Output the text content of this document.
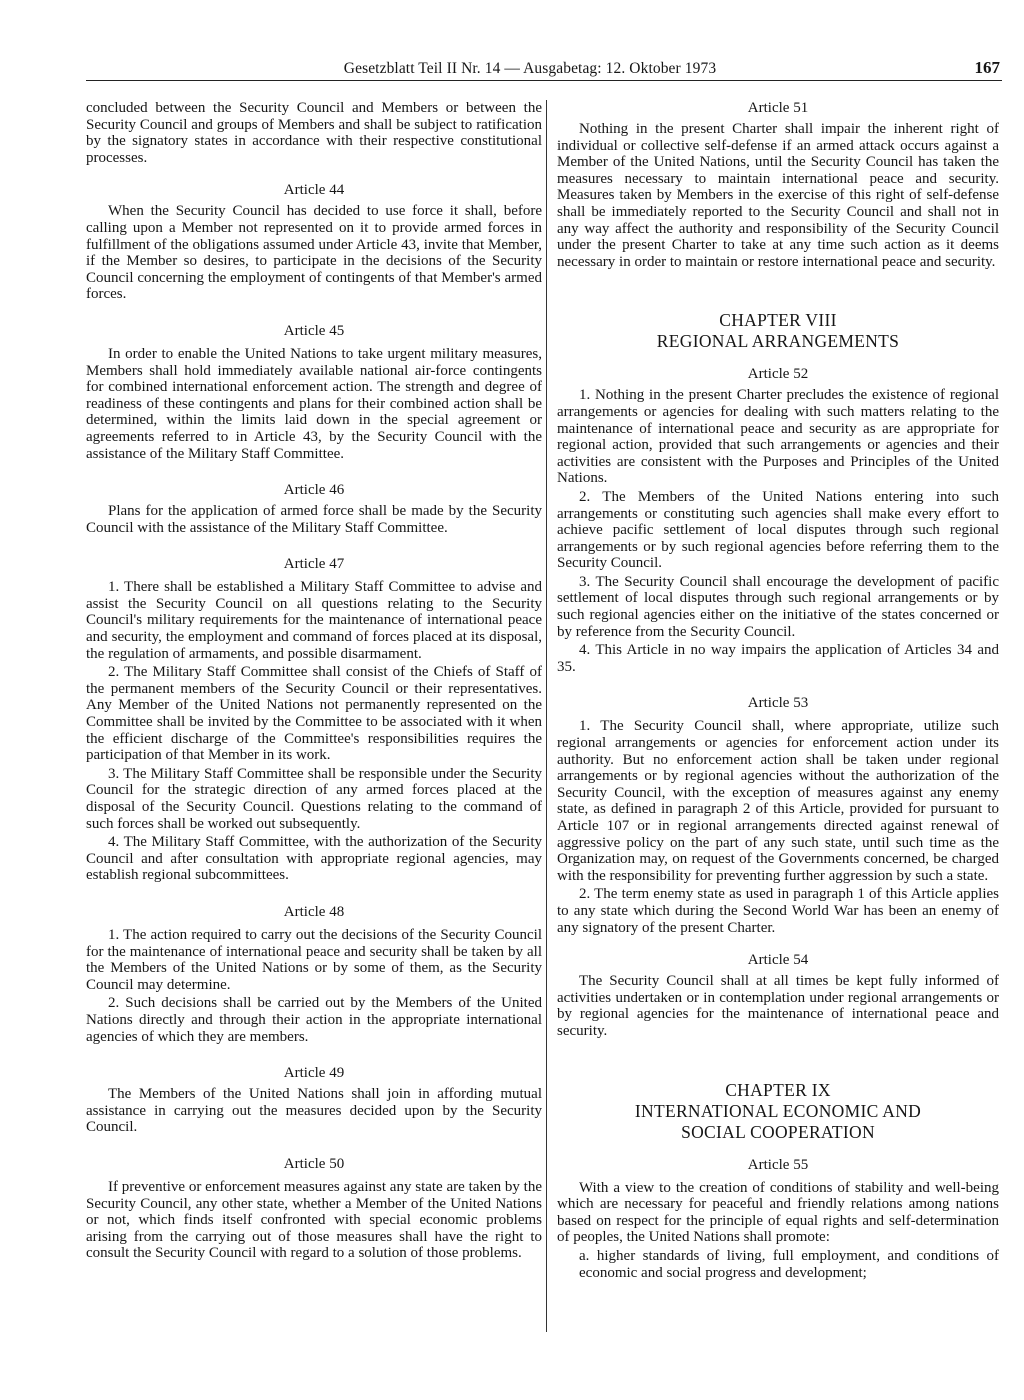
Gesetzblatt Teil II Nr. 14 — Ausgabetag: 12. Oktober 1973	167

concluded between the Security Council and Members or between the Security Council and groups of Members and shall be subject to ratification by the signatory states in accordance with their respective constitutional processes.

Article 44

When the Security Council has decided to use force it shall, before calling upon a Member not represented on it to provide armed forces in fulfillment of the obligations assumed under Article 43, invite that Member, if the Member so desires, to participate in the decisions of the Security Council concerning the employment of contingents of that Member's armed forces.

Article 45

In order to enable the United Nations to take urgent military measures, Members shall hold immediately available national air-force contingents for combined international enforcement action. The strength and degree of readiness of these contingents and plans for their combined action shall be determined, within the limits laid down in the special agreement or agreements referred to in Article 43, by the Security Council with the assistance of the Military Staff Committee.

Article 46

Plans for the application of armed force shall be made by the Security Council with the assistance of the Military Staff Committee.

Article 47

1. There shall be established a Military Staff Committee to advise and assist the Security Council on all questions relating to the Security Council's military requirements for the maintenance of international peace and security, the employment and command of forces placed at its disposal, the regulation of armaments, and possible disarmament.

2. The Military Staff Committee shall consist of the Chiefs of Staff of the permanent members of the Security Council or their representatives. Any Member of the United Nations not permanently represented on the Committee shall be invited by the Committee to be associated with it when the efficient discharge of the Committee's responsibilities requires the participation of that Member in its work.

3. The Military Staff Committee shall be responsible under the Security Council for the strategic direction of any armed forces placed at the disposal of the Security Council. Questions relating to the command of such forces shall be worked out subsequently.

4. The Military Staff Committee, with the authorization of the Security Council and after consultation with appropriate regional agencies, may establish regional subcommittees.

Article 48

1. The action required to carry out the decisions of the Security Council for the maintenance of international peace and security shall be taken by all the Members of the United Nations or by some of them, as the Security Council may determine.

2. Such decisions shall be carried out by the Members of the United Nations directly and through their action in the appropriate international agencies of which they are members.

Article 49

The Members of the United Nations shall join in affording mutual assistance in carrying out the measures decided upon by the Security Council.

Article 50

If preventive or enforcement measures against any state are taken by the Security Council, any other state, whether a Member of the United Nations or not, which finds itself confronted with special economic problems arising from the carrying out of those measures shall have the right to consult the Security Council with regard to a solution of those problems.

Article 51

Nothing in the present Charter shall impair the inherent right of individual or collective self-defense if an armed attack occurs against a Member of the United Nations, until the Security Council has taken the measures necessary to maintain international peace and security. Measures taken by Members in the exercise of this right of self-defense shall be immediately reported to the Security Council and shall not in any way affect the authority and responsibility of the Security Council under the present Charter to take at any time such action as it deems necessary in order to maintain or restore international peace and security.

CHAPTER VIII

REGIONAL ARRANGEMENTS

Article 52

1. Nothing in the present Charter precludes the existence of regional arrangements or agencies for dealing with such matters relating to the maintenance of international peace and security as are appropriate for regional action, provided that such arrangements or agencies and their activities are consistent with the Purposes and Principles of the United Nations.

2. The Members of the United Nations entering into such arrangements or constituting such agencies shall make every effort to achieve pacific settlement of local disputes through such regional arrangements or by such regional agencies before referring them to the Security Council.

3. The Security Council shall encourage the development of pacific settlement of local disputes through such regional arrangements or by such regional agencies either on the initiative of the states concerned or by reference from the Security Council.

4. This Article in no way impairs the application of Articles 34 and 35.

Article 53

1. The Security Council shall, where appropriate, utilize such regional arrangements or agencies for enforcement action under its authority. But no enforcement action shall be taken under regional arrangements or by regional agencies without the authorization of the Security Council, with the exception of measures against any enemy state, as defined in paragraph 2 of this Article, provided for pursuant to Article 107 or in regional arrangements directed against renewal of aggressive policy on the part of any such state, until such time as the Organization may, on request of the Governments concerned, be charged with the responsibility for preventing further aggression by such a state.

2. The term enemy state as used in paragraph 1 of this Article applies to any state which during the Second World War has been an enemy of any signatory of the present Charter.

Article 54

The Security Council shall at all times be kept fully informed of activities undertaken or in contemplation under regional arrangements or by regional agencies for the maintenance of international peace and security.

CHAPTER IX

INTERNATIONAL ECONOMIC AND

SOCIAL COOPERATION

Article 55

With a view to the creation of conditions of stability and well-being which are necessary for peaceful and friendly relations among nations based on respect for the principle of equal rights and self-determination of peoples, the United Nations shall promote:

a. higher standards of living, full employment, and conditions of economic and social progress and development;
